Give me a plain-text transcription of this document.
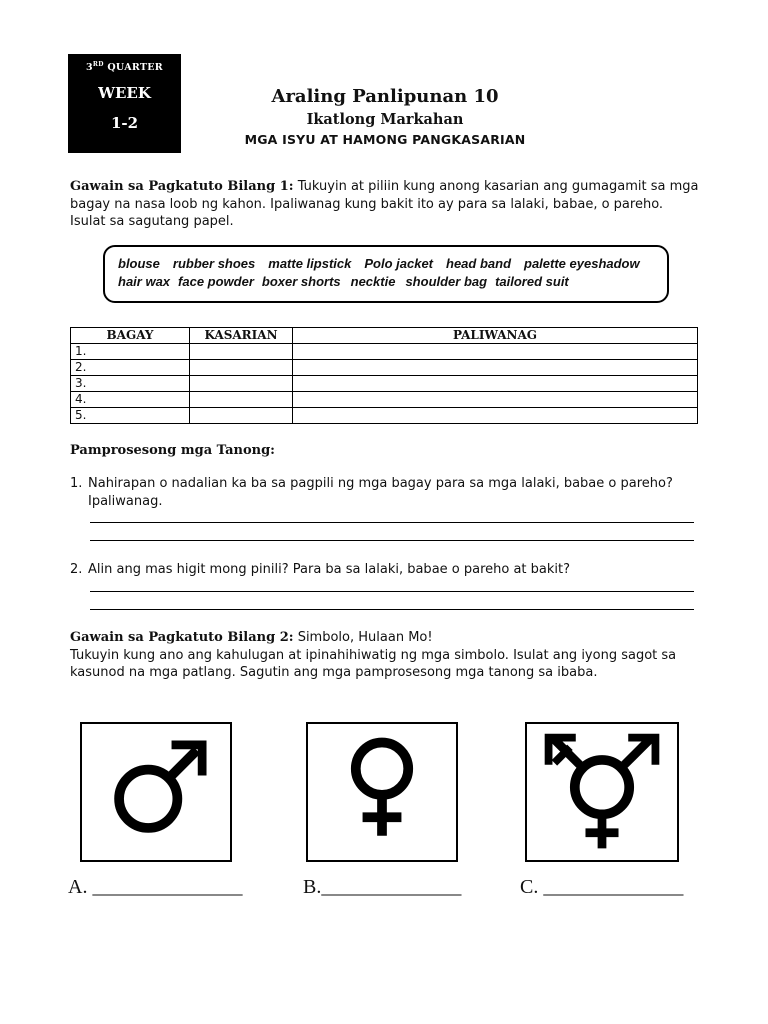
3RD QUARTER
WEEK
1-2
Araling Panlipunan 10
Ikatlong Markahan
MGA ISYU AT HAMONG PANGKASARIAN
Gawain sa Pagkatuto Bilang 1: Tukuyin at piliin kung anong kasarian ang gumagamit sa mga bagay na nasa loob ng kahon. Ipaliwanag kung bakit ito ay para sa lalaki, babae, o pareho. Isulat sa sagutang papel.
blouse rubber shoes matte lipstick Polo jacket head band palette eyeshadow
hair wax face powder boxer shorts necktie shoulder bag tailored suit
BAGAY	KASARIAN	PALIWANAG
1.		
2.		
3.		
4.		
5.		
Pamprosesong mga Tanong:
1. Nahirapan o nadalian ka ba sa pagpili ng mga bagay para sa mga lalaki, babae o pareho? Ipaliwanag.
2. Alin ang mas higit mong pinili? Para ba sa lalaki, babae o pareho at bakit?
Gawain sa Pagkatuto Bilang 2: Simbolo, Hulaan Mo!
Tukuyin kung ano ang kahulugan at ipinahihiwatig ng mga simbolo. Isulat ang iyong sagot sa kasunod na mga patlang. Sagutin ang mga pamprosesong mga tanong sa ibaba.
A. _______________	B.______________	C. ______________
